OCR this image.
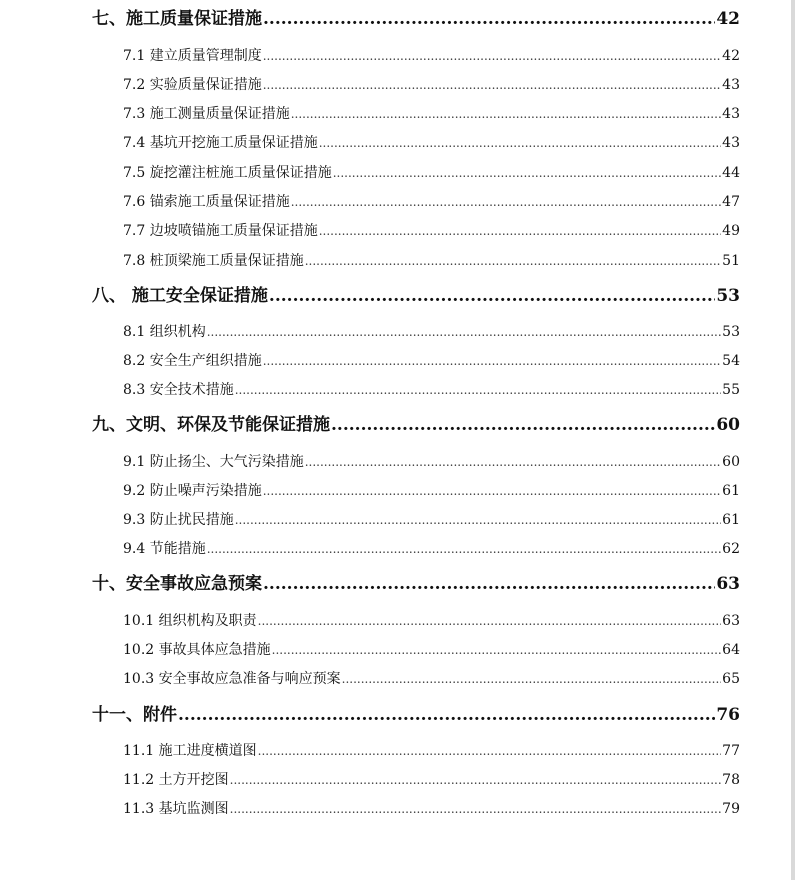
七、施工质量保证措施 .....	42
7.1 建立质量管理制度 .....	42
7.2 实验质量保证措施 .....	43
7.3 施工测量质量保证措施 .....	43
7.4 基坑开挖施工质量保证措施 .....	43
7.5 旋挖灌注桩施工质量保证措施 .....	44
7.6 锚索施工质量保证措施 .....	47
7.7 边坡喷锚施工质量保证措施 .....	49
7.8 桩顶梁施工质量保证措施 .....	51
八、 施工安全保证措施 .....	53
8.1 组织机构 .....	53
8.2 安全生产组织措施 .....	54
8.3 安全技术措施 .....	55
九、文明、环保及节能保证措施 .....	60
9.1 防止扬尘、大气污染措施 .....	60
9.2 防止噪声污染措施 .....	61
9.3 防止扰民措施 .....	61
9.4 节能措施 .....	62
十、安全事故应急预案 .....	63
10.1 组织机构及职责 .....	63
10.2 事故具体应急措施 .....	64
10.3 安全事故应急准备与响应预案 .....	65
十一、附件 .....	76
11.1 施工进度横道图 .....	77
11.2 土方开挖图 .....	78
11.3 基坑监测图 .....	79
